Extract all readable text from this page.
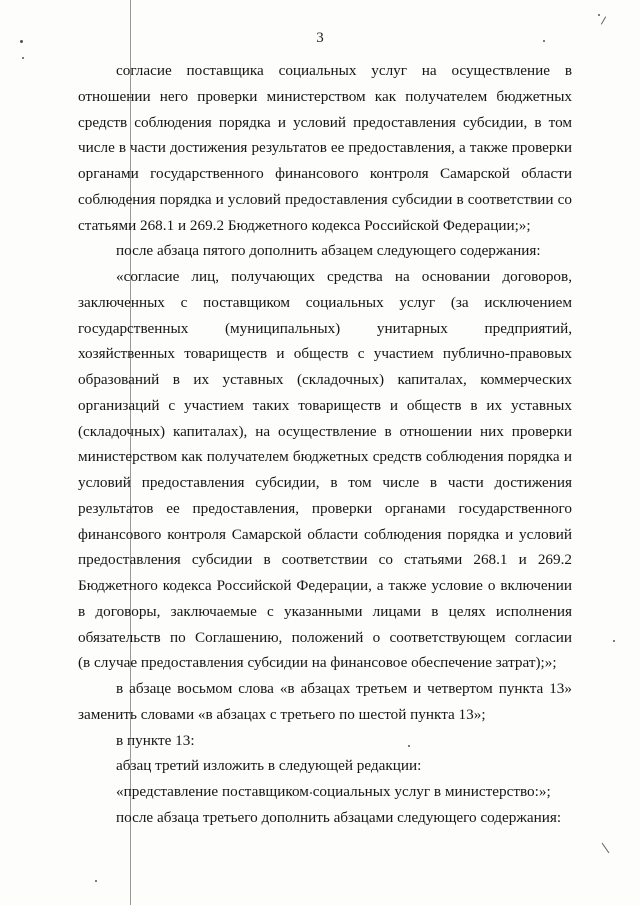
3
согласие поставщика социальных услуг на осуществление в
отношении него проверки министерством как получателем бюджетных
средств соблюдения порядка и условий предоставления субсидии, в том
числе в части достижения результатов ее предоставления, а также проверки
органами государственного финансового контроля Самарской области
соблюдения порядка и условий предоставления субсидии в соответствии со
статьями 268.1 и 269.2 Бюджетного кодекса Российской Федерации;»;
после абзаца пятого дополнить абзацем следующего содержания:
«согласие лиц, получающих средства на основании договоров,
заключенных с поставщиком социальных услуг (за исключением
государственных (муниципальных) унитарных предприятий,
хозяйственных товариществ и обществ с участием публично-правовых
образований в их уставных (складочных) капиталах, коммерческих
организаций с участием таких товариществ и обществ в их уставных
(складочных) капиталах), на осуществление в отношении них проверки
министерством как получателем бюджетных средств соблюдения порядка и
условий предоставления субсидии, в том числе в части достижения
результатов ее предоставления, проверки органами государственного
финансового контроля Самарской области соблюдения порядка и условий
предоставления субсидии в соответствии со статьями 268.1 и 269.2
Бюджетного кодекса Российской Федерации, а также условие о включении
в договоры, заключаемые с указанными лицами в целях исполнения
обязательств по Соглашению, положений о соответствующем согласии
(в случае предоставления субсидии на финансовое обеспечение затрат);»;
в абзаце восьмом слова «в абзацах третьем и четвертом пункта 13»
заменить словами «в абзацах с третьего по шестой пункта 13»;
в пункте 13:
абзац третий изложить в следующей редакции:
«представление поставщиком социальных услуг в министерство:»;
после абзаца третьего дополнить абзацами следующего содержания:
